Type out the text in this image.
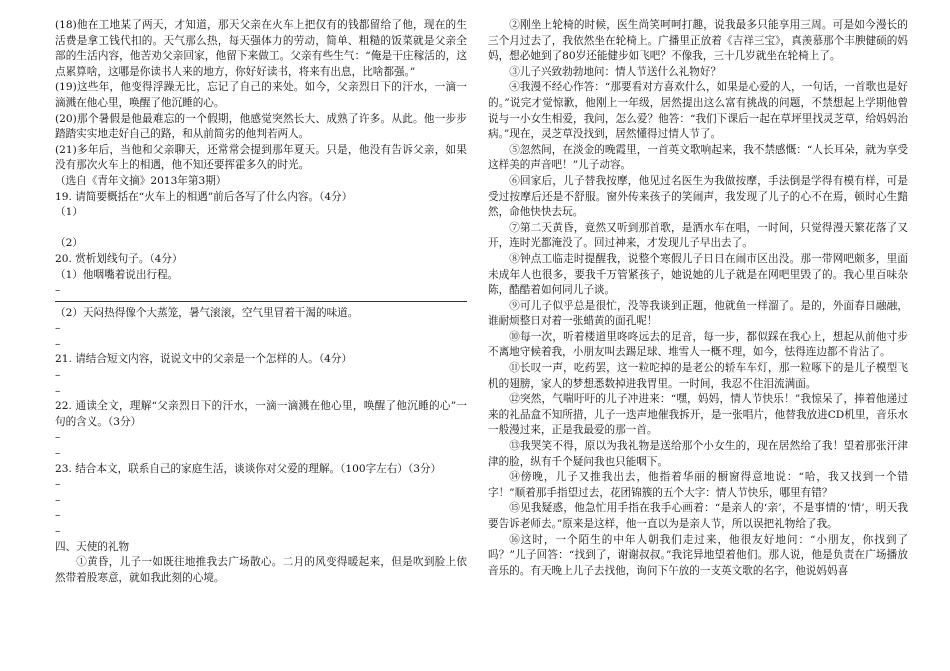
(18)他在工地某了两天，才知道，那天父亲在火车上把仅有的钱都留给了他，现在的生活费是拿工钱代扣的。天气那么热，每天强体力的劳动，简单、粗糙的饭菜就是父亲全部的生活内容，他苦劝父亲回家，他留下来做工。父亲有些生气：“俺是干庄稼活的，这点累算啥，这哪是你读书人来的地方，你好好读书，将来有出息，比啥都强。”

(19)这些年，他变得浮躁无比，忘记了自己的来处。如今，父亲烈日下的汗水，一滴一滴溅在他心里，唤醒了他沉睡的心。

(20)那个暑假是他最难忘的一个假期，他感觉突然长大、成熟了许多。从此。他一步步踏踏实实地走好自己的路，和从前简劣的他判若两人。

(21)多年后，当他和父亲聊天，还常常会提到那年夏天。只是，他没有告诉父亲，如果没有那次火车上的相遇，他不知还要挥霍多久的时光。

（选自《青年文摘》2013年第3期）

19. 请简要概括在“火车上的相遇”前后各写了什么内容。（4分）

（1）

（2）

20. 赏析划线句子。（4分）

（1）他咽嘴着说出行程。

–

（2）天闷热得像个大蒸笼，暑气滚滚，空气里冒着干渴的味道。

–

–

21. 请结合短文内容，说说文中的父亲是一个怎样的人。（4分）

–

–

22. 通读全文，理解“父亲烈日下的汗水，一滴一滴溅在他心里，唤醒了他沉睡的心”一句的含义。（3分）

–

–

23. 结合本文，联系自己的家庭生活，谈谈你对父爱的理解。（100字左右）（3分）

–

–

–

–

四、天使的礼物

①黄昏，儿子一如既往地推我去广场散心。二月的风变得暖起来，但是吹到脸上依然带着股寒意，就如我此刻的心境。

②刚坐上轮椅的时候，医生尚笑呵呵打趣，说我最多只能享用三周。可是如今漫长的三个月过去了，我依然坐在轮椅上。广播里正放着《吉祥三宝》，真羡慕那个丰腴健硕的妈妈，想必她到了80岁还能健步如飞吧？不像我，三十几岁就坐在轮椅上了。

③儿子兴致勃勃地问：情人节送什么礼物好？

④我漫不经心作答：“那要看对方喜欢什么，如果是心爱的人，一句话，一首歌也是好的。”说完才觉惊歉，他刚上一年级，居然提出这么富有挑战的问题，不禁想起上学期他曾说与一小女生相爱，我问，怎么爱？他答：“我们下课后一起在草坪里找灵芝草，给妈妈治病。”现在，灵芝草没找到，居然懂得过情人节了。

⑤忽然间，在淡金的晚霞里，一首英文歌响起来，我不禁感慨：“人长耳朵，就为享受这样美的声音吧！”儿子动容。

⑥回家后，儿子替我按摩，他见过名医生为我做按摩，手法倒是学得有模有样，可是受过按摩后还是不舒服。窗外传来孩子的笑闹声，我发现了儿子的心不在焉，顿时心生黯然，命他快快去玩。

⑦第二天黄昏，竟然又听到那首歌，是洒水车在唱，一时间，只觉得漫天繁花落了又开，连时光都淹没了。回过神来，才发现儿子早出去了。

⑧钟点工临走时提醒我，说整个寒假儿子日日在闹市区出没。那一带网吧颇多，里面未成年人也很多，要我千万管紧孩子，她说她的儿子就是在网吧里毁了的。我心里百味杂陈，酷酷着如何同儿子谈。

⑨可儿子似乎总是很忙，没等我谈到正题，他就鱼一样溜了。是的，外面春日融融，谁耐烦整日对着一张蜡黄的面孔呢！

⑩每一次，听着楼道里咚咚远去的足音，每一步，都似踩在我心上，想起从前他寸步不离地守候着我，小朋友叫去踢足球、堆雪人一概不理，如今，怯得连边都不肯沾了。

⑪长叹一声，吃药罢，这一粒咜掉的是老公的轿车车灯，那一粒啄下的是儿子模型飞机的翅膀，家人的梦想悉数掉进我胃里。一时间，我忍不住泪流满面。

⑫突然，气喘吁吁的儿子冲进来：“嘿，妈妈，情人节快乐！”我惊呆了，捧着他递过来的礼品盒不知所措，儿子一迭声地催我拆开，是一张唱片，他替我放进CD机里，音乐水一般漫过来，正是我最爱的那一首。

⑬我哭笑不得，原以为我礼物是送给那个小女生的，现在居然给了我！望着那张汗津津的脸，纵有千个疑问我也只能咽下。

⑭傍晚，儿子又推我出去，他指着华丽的橱窗得意地说：“哈，我又找到一个错字！”顺着那手指望过去，花团锦簇的五个大字：情人节快乐，哪里有错？

⑮见我疑惑，他急忙用手指在我手心画着：“是亲人的‘亲’，不是事情的‘情’，明天我要告诉老师去。”原来是这样，他一直以为是亲人节，所以误把礼物给了我。

⑯这时，一个陌生的中年人朝我们走过来，他很友好地问：“小朋友，你找到了吗？”儿子回答：“找到了，谢谢叔叔。”我诧异地望着他们。那人说，他是负责在广场播放音乐的。有天晚上儿子去找他，询问下午放的一支英文歌的名字，他说妈妈喜
